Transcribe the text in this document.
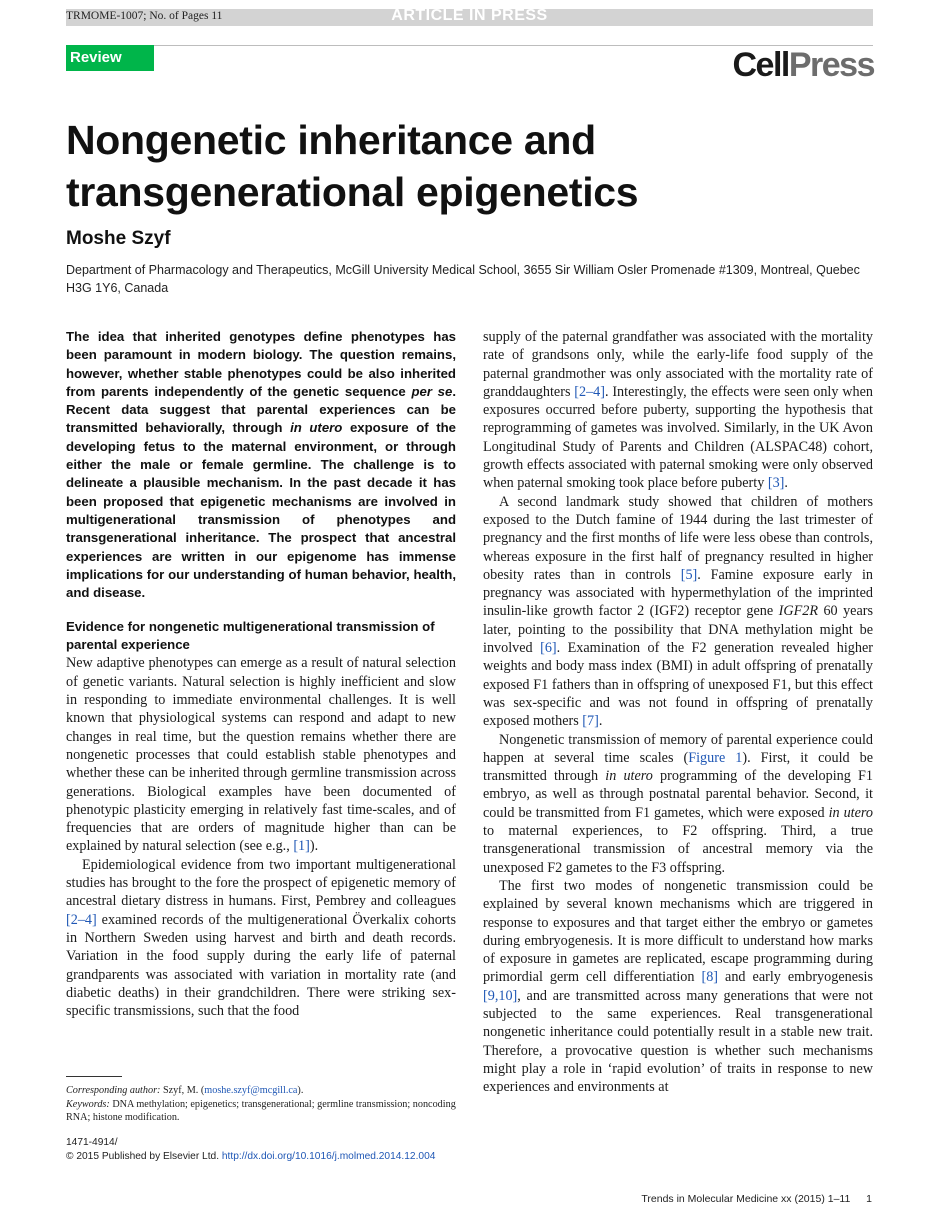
TRMOME-1007; No. of Pages 11	ARTICLE IN PRESS
Review	CellPress
Nongenetic inheritance and transgenerational epigenetics
Moshe Szyf
Department of Pharmacology and Therapeutics, McGill University Medical School, 3655 Sir William Osler Promenade #1309, Montreal, Quebec H3G 1Y6, Canada

The idea that inherited genotypes define phenotypes has been paramount in modern biology. The question remains, however, whether stable phenotypes could be also inherited from parents independently of the genetic sequence per se. Recent data suggest that parental experiences can be transmitted behaviorally, through in utero exposure of the developing fetus to the maternal environment, or through either the male or female germline. The challenge is to delineate a plausible mechanism. In the past decade it has been proposed that epigenetic mechanisms are involved in multigenerational transmission of phenotypes and transgenerational inheritance. The prospect that ancestral experiences are written in our epigenome has immense implications for our understanding of human behavior, health, and disease.

Evidence for nongenetic multigenerational transmission of parental experience

New adaptive phenotypes can emerge as a result of natural selection of genetic variants. Natural selection is highly inefficient and slow in responding to immediate environmental challenges. It is well known that physiological systems can respond and adapt to new changes in real time, but the question remains whether there are nongenetic processes that could establish stable phenotypes and whether these can be inherited through germline transmission across generations. Biological examples have been documented of phenotypic plasticity emerging in relatively fast time-scales, and of frequencies that are orders of magnitude higher than can be explained by natural selection (see e.g., [1]).

Epidemiological evidence from two important multigenerational studies has brought to the fore the prospect of epigenetic memory of ancestral dietary distress in humans. First, Pembrey and colleagues [2–4] examined records of the multigenerational Överkalix cohorts in Northern Sweden using harvest and birth and death records. Variation in the food supply during the early life of paternal grandparents was associated with variation in mortality rate (and diabetic deaths) in their grandchildren. There were striking sex-specific transmissions, such that the food

supply of the paternal grandfather was associated with the mortality rate of grandsons only, while the early-life food supply of the paternal grandmother was only associated with the mortality rate of granddaughters [2–4]. Interestingly, the effects were seen only when exposures occurred before puberty, supporting the hypothesis that reprogramming of gametes was involved. Similarly, in the UK Avon Longitudinal Study of Parents and Children (ALSPAC48) cohort, growth effects associated with paternal smoking were only observed when paternal smoking took place before puberty [3].

A second landmark study showed that children of mothers exposed to the Dutch famine of 1944 during the last trimester of pregnancy and the first months of life were less obese than controls, whereas exposure in the first half of pregnancy resulted in higher obesity rates than in controls [5]. Famine exposure early in pregnancy was associated with hypermethylation of the imprinted insulin-like growth factor 2 (IGF2) receptor gene IGF2R 60 years later, pointing to the possibility that DNA methylation might be involved [6]. Examination of the F2 generation revealed higher weights and body mass index (BMI) in adult offspring of prenatally exposed F1 fathers than in offspring of unexposed F1, but this effect was sex-specific and was not found in offspring of prenatally exposed mothers [7].

Nongenetic transmission of memory of parental experience could happen at several time scales (Figure 1). First, it could be transmitted through in utero programming of the developing F1 embryo, as well as through postnatal parental behavior. Second, it could be transmitted from F1 gametes, which were exposed in utero to maternal experiences, to F2 offspring. Third, a true transgenerational transmission of ancestral memory via the unexposed F2 gametes to the F3 offspring.

The first two modes of nongenetic transmission could be explained by several known mechanisms which are triggered in response to exposures and that target either the embryo or gametes during embryogenesis. It is more difficult to understand how marks of exposure in gametes are replicated, escape programming during primordial germ cell differentiation [8] and early embryogenesis [9,10], and are transmitted across many generations that were not subjected to the same experiences. Real transgenerational nongenetic inheritance could potentially result in a stable new trait. Therefore, a provocative question is whether such mechanisms might play a role in ‘rapid evolution’ of traits in response to new experiences and environments at

Corresponding author: Szyf, M. (moshe.szyf@mcgill.ca).
Keywords: DNA methylation; epigenetics; transgenerational; germline transmission; noncoding RNA; histone modification.
1471-4914/
© 2015 Published by Elsevier Ltd. http://dx.doi.org/10.1016/j.molmed.2014.12.004
Trends in Molecular Medicine xx (2015) 1–11 1
